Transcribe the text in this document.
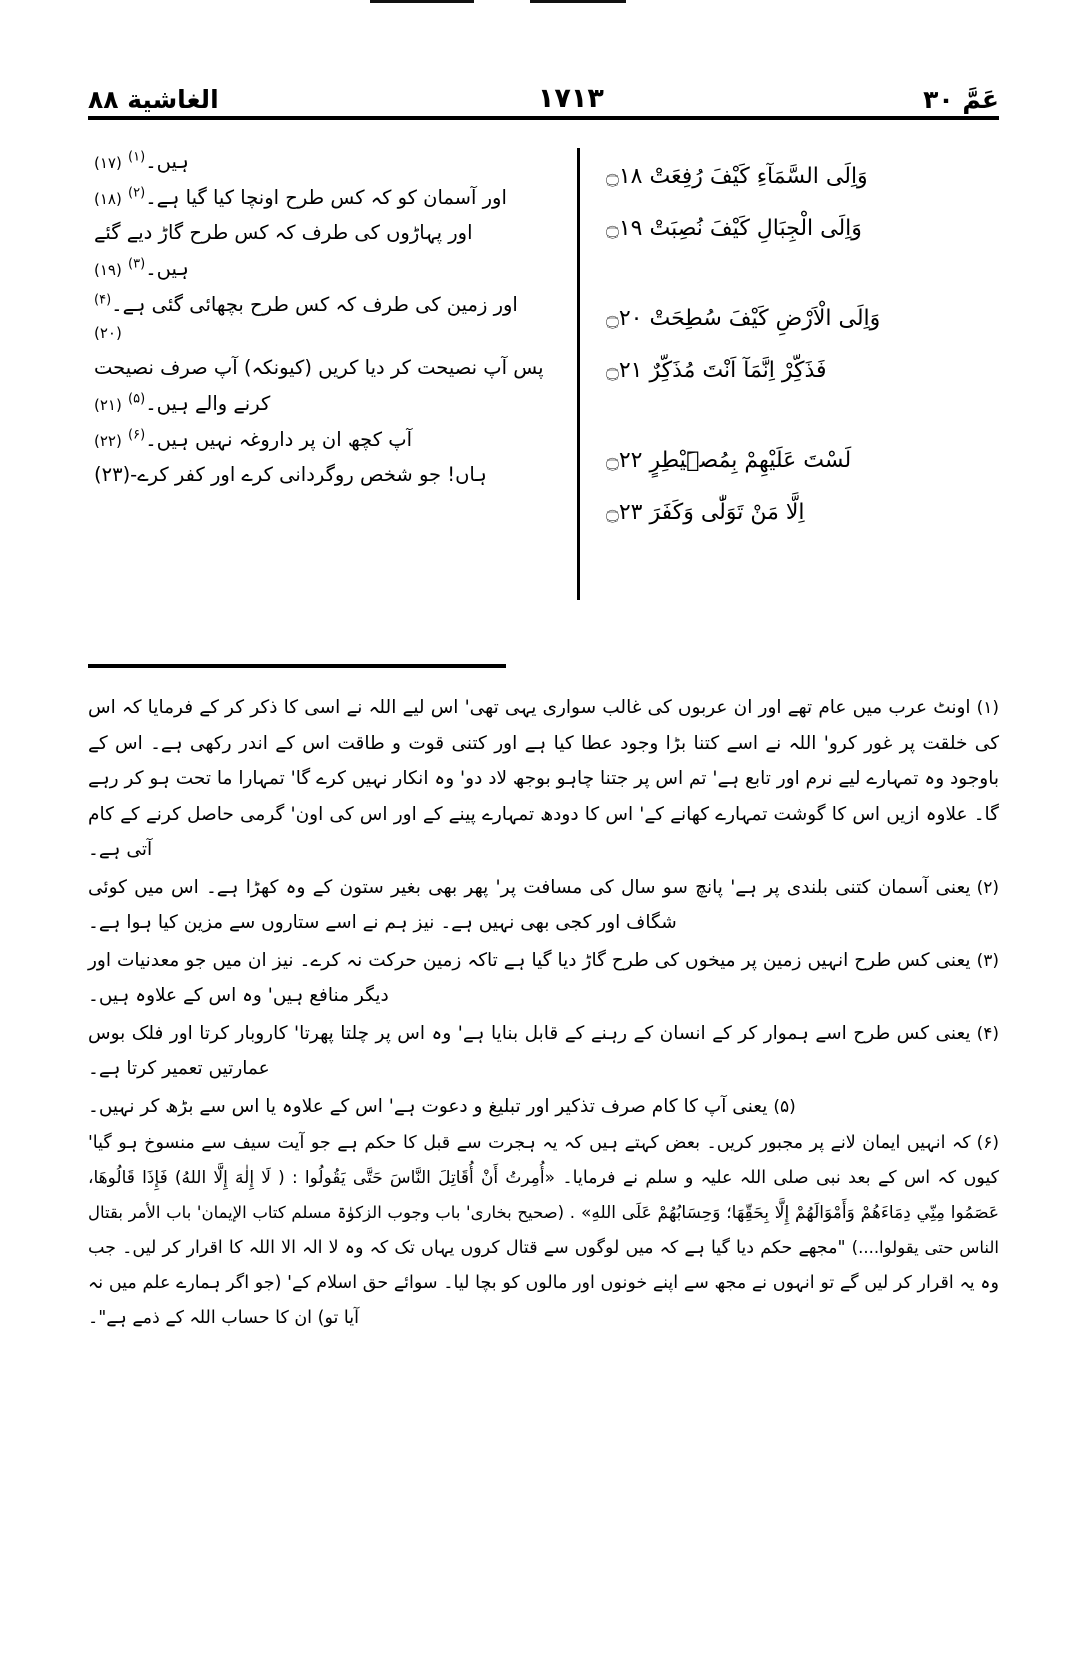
عَمَّ ۳۰
۱۷۱۳
الغاشية ۸۸
وَاِلَى السَّمَآءِ كَيْفَ رُفِعَتْ ۝۱۸
وَاِلَى الْجِبَالِ كَيْفَ نُصِبَتْ ۝۱۹
وَاِلَى الْاَرْضِ كَيْفَ سُطِحَتْ ۝۲۰
فَذَكِّرْ اِنَّمَآ اَنْتَ مُذَكِّرٌ ۝۲۱
لَسْتَ عَلَيْهِمْ بِمُصَۣيْطِرٍ ۝۲۲
اِلَّا مَنْ تَوَلّٰى وَكَفَرَ ۝۲۳
ہیں۔$^{(۱)}$ (۱۷)
اور آسمان کو کہ کس طرح اونچا کیا گیا ہے۔$^{(۲)}$ (۱۸)
اور پہاڑوں کی طرف کہ کس طرح گاڑ دیے گئے
ہیں۔$^{(۳)}$ (۱۹)
اور زمین کی طرف کہ کس طرح بچھائی گئی ہے۔$^{(۴)}$ (۲۰)
پس آپ نصیحت کر دیا کریں (کیونکہ) آپ صرف نصیحت
کرنے والے ہیں۔$^{(۵)}$ (۲۱)
آپ کچھ ان پر داروغہ نہیں ہیں۔$^{(۶)}$ (۲۲)
ہاں! جو شخص روگردانی کرے اور کفر کرے-(۲۳)
(۱)اونٹ عرب میں عام تھے اور ان عربوں کی غالب سواری یہی تھی' اس لیے اللہ نے اسی کا ذکر کر کے فرمایا کہ اس کی خلقت پر غور کرو' اللہ نے اسے کتنا بڑا وجود عطا کیا ہے اور کتنی قوت و طاقت اس کے اندر رکھی ہے۔ اس کے باوجود وہ تمہارے لیے نرم اور تابع ہے' تم اس پر جتنا چاہو بوجھ لاد دو' وہ انکار نہیں کرے گا' تمہارا ما تحت ہو کر رہے گا۔ علاوہ ازیں اس کا گوشت تمہارے کھانے کے' اس کا دودھ تمہارے پینے کے اور اس کی اون' گرمی حاصل کرنے کے کام آتی ہے۔
(۲)یعنی آسمان کتنی بلندی پر ہے' پانچ سو سال کی مسافت پر' پھر بھی بغیر ستون کے وہ کھڑا ہے۔ اس میں کوئی شگاف اور کجی بھی نہیں ہے۔ نیز ہم نے اسے ستاروں سے مزین کیا ہوا ہے۔
(۳)یعنی کس طرح انہیں زمین پر میخوں کی طرح گاڑ دیا گیا ہے تاکہ زمین حرکت نہ کرے۔ نیز ان میں جو معدنیات اور دیگر منافع ہیں' وہ اس کے علاوہ ہیں۔
(۴)یعنی کس طرح اسے ہموار کر کے انسان کے رہنے کے قابل بنایا ہے' وہ اس پر چلتا پھرتا' کاروبار کرتا اور فلک بوس عمارتیں تعمیر کرتا ہے۔
(۵)یعنی آپ کا کام صرف تذکیر اور تبلیغ و دعوت ہے' اس کے علاوہ یا اس سے بڑھ کر نہیں۔
(۶)کہ انہیں ایمان لانے پر مجبور کریں۔ بعض کہتے ہیں کہ یہ ہجرت سے قبل کا حکم ہے جو آیت سیف سے منسوخ ہو گیا' کیوں کہ اس کے بعد نبی صلی اللہ علیہ و سلم نے فرمایا۔ «أُمِرتُ أَنْ أُقَاتِلَ النَّاسَ حَتَّى يَقُولُوا : ( لَا إِلٰهَ إِلَّا اللهُ) فَإِذَا قَالُوهَا، عَصَمُوا مِنِّي دِمَاءَهُمْ وَأَمْوَالَهُمْ إِلَّا بِحَقِّهَا؛ وَحِسَابُهُمْ عَلَى اللهِ» . (صحیح بخاری' باب وجوب الزکوٰۃ مسلم کتاب الإیمان' باب الأمر بقتال الناس حتی یقولوا....) "مجھے حکم دیا گیا ہے کہ میں لوگوں سے قتال کروں یہاں تک کہ وہ لا الہ الا اللہ کا اقرار کر لیں۔ جب وہ یہ اقرار کر لیں گے تو انہوں نے مجھ سے اپنے خونوں اور مالوں کو بچا لیا۔ سوائے حق اسلام کے' (جو اگر ہمارے علم میں نہ آیا تو) ان کا حساب اللہ کے ذمے ہے"۔
